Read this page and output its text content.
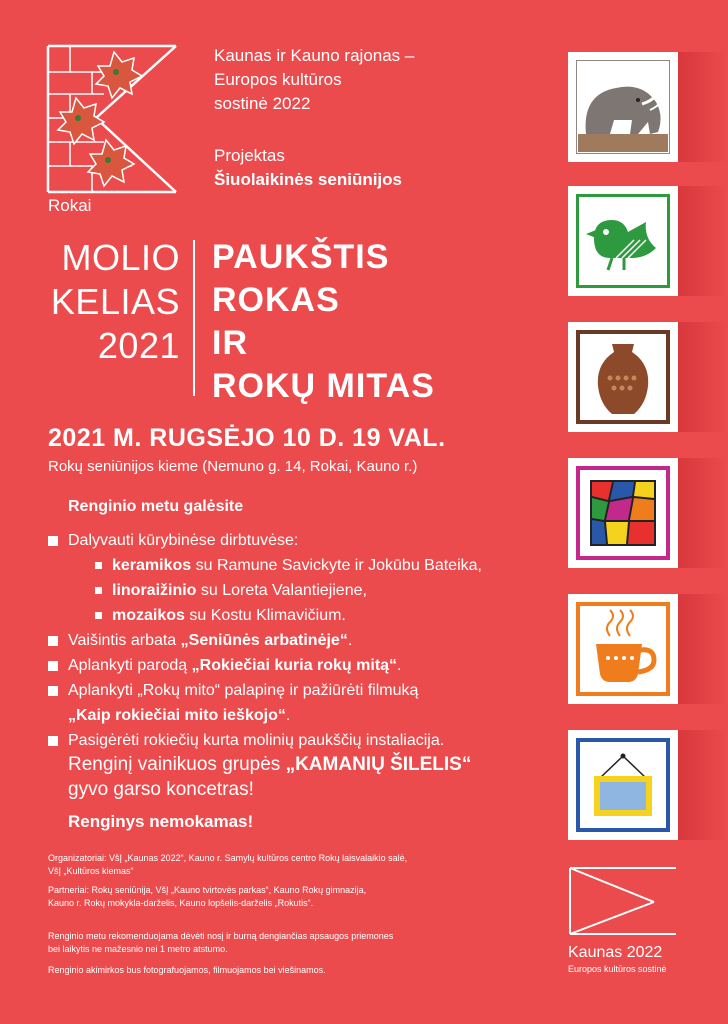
Rokai
Kaunas ir Kauno rajonas –
Europos kultūros
sostinė 2022
Projektas
Šiuolaikinės seniūnijos
MOLIO
KELIAS
2021
PAUKŠTIS
ROKAS
IR
ROKŲ MITAS
2021 M. RUGSĖJO 10 D. 19 VAL.
Rokų seniūnijos kieme (Nemuno g. 14, Rokai, Kauno r.)
Renginio metu galėsite
Dalyvauti kūrybinėse dirbtuvėse:
keramikos su Ramune Savickyte ir Jokūbu Bateika,
linoraižinio su Loreta Valantiejiene,
mozaikos su Kostu Klimavičium.
Vaišintis arbata „Seniūnės arbatinėje“.
Aplankyti parodą „Rokiečiai kuria rokų mitą“.
Aplankyti „Rokų mito“ palapinę ir pažiūrėti filmuką
„Kaip rokiečiai mito ieškojo“.
Pasigėrėti rokiečių kurta molinių paukščių instaliacija.
Renginį vainikuos grupės „KAMANIŲ ŠILELIS“
gyvo garso koncetras!
Renginys nemokamas!
Organizatoriai: VšĮ „Kaunas 2022“, Kauno r. Samylų kultūros centro Rokų laisvalaikio salė,
VšĮ „Kultūros kiemas“
Partneriai: Rokų seniūnija, VšĮ „Kauno tvirtovės parkas“, Kauno Rokų gimnazija,
Kauno r. Rokų mokykla-darželis, Kauno lopšelis-darželis „Rokutis“.
Renginio metu rekomenduojama dėvėti nosį ir burną dengiančias apsaugos priemones
bei laikytis ne mažesnio nei 1 metro atstumo.
Renginio akimirkos bus fotografuojamos, filmuojamos bei viešinamos.
Kaunas 2022
Europos kultūros sostinė
